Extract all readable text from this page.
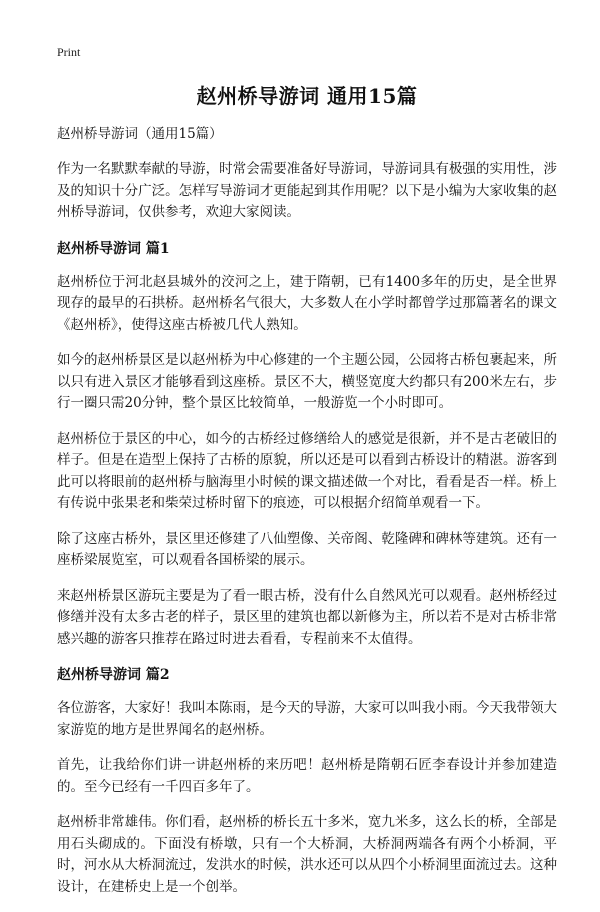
Print
赵州桥导游词 通用15篇
赵州桥导游词（通用15篇）

作为一名默默奉献的导游，时常会需要准备好导游词，导游词具有极强的实用性，涉及的知识十分广泛。怎样写导游词才更能起到其作用呢？以下是小编为大家收集的赵州桥导游词，仅供参考，欢迎大家阅读。

赵州桥导游词 篇1

赵州桥位于河北赵县城外的洨河之上，建于隋朝，已有1400多年的历史，是全世界现存的最早的石拱桥。赵州桥名气很大，大多数人在小学时都曾学过那篇著名的课文《赵州桥》，使得这座古桥被几代人熟知。

如今的赵州桥景区是以赵州桥为中心修建的一个主题公园，公园将古桥包裹起来，所以只有进入景区才能够看到这座桥。景区不大，横竖宽度大约都只有200米左右，步行一圈只需20分钟，整个景区比较简单，一般游览一个小时即可。

赵州桥位于景区的中心，如今的古桥经过修缮给人的感觉是很新，并不是古老破旧的样子。但是在造型上保持了古桥的原貌，所以还是可以看到古桥设计的精湛。游客到此可以将眼前的赵州桥与脑海里小时候的课文描述做一个对比，看看是否一样。桥上有传说中张果老和柴荣过桥时留下的痕迹，可以根据介绍简单观看一下。

除了这座古桥外，景区里还修建了八仙塑像、关帝阁、乾隆碑和碑林等建筑。还有一座桥梁展览室，可以观看各国桥梁的展示。

来赵州桥景区游玩主要是为了看一眼古桥，没有什么自然风光可以观看。赵州桥经过修缮并没有太多古老的样子，景区里的建筑也都以新修为主，所以若不是对古桥非常感兴趣的游客只推荐在路过时进去看看，专程前来不太值得。

赵州桥导游词 篇2

各位游客，大家好！我叫本陈雨，是今天的导游，大家可以叫我小雨。今天我带领大家游览的地方是世界闻名的赵州桥。

首先，让我给你们讲一讲赵州桥的来历吧！赵州桥是隋朝石匠李春设计并参加建造的。至今已经有一千四百多年了。

赵州桥非常雄伟。你们看，赵州桥的桥长五十多米，宽九米多，这么长的桥，全部是用石头砌成的。下面没有桥墩，只有一个大桥洞，大桥洞两端各有两个小桥洞，平时，河水从大桥洞流过，发洪水的时候，洪水还可以从四个小桥洞里面流过去。这种设计，在建桥史上是一个创举。
